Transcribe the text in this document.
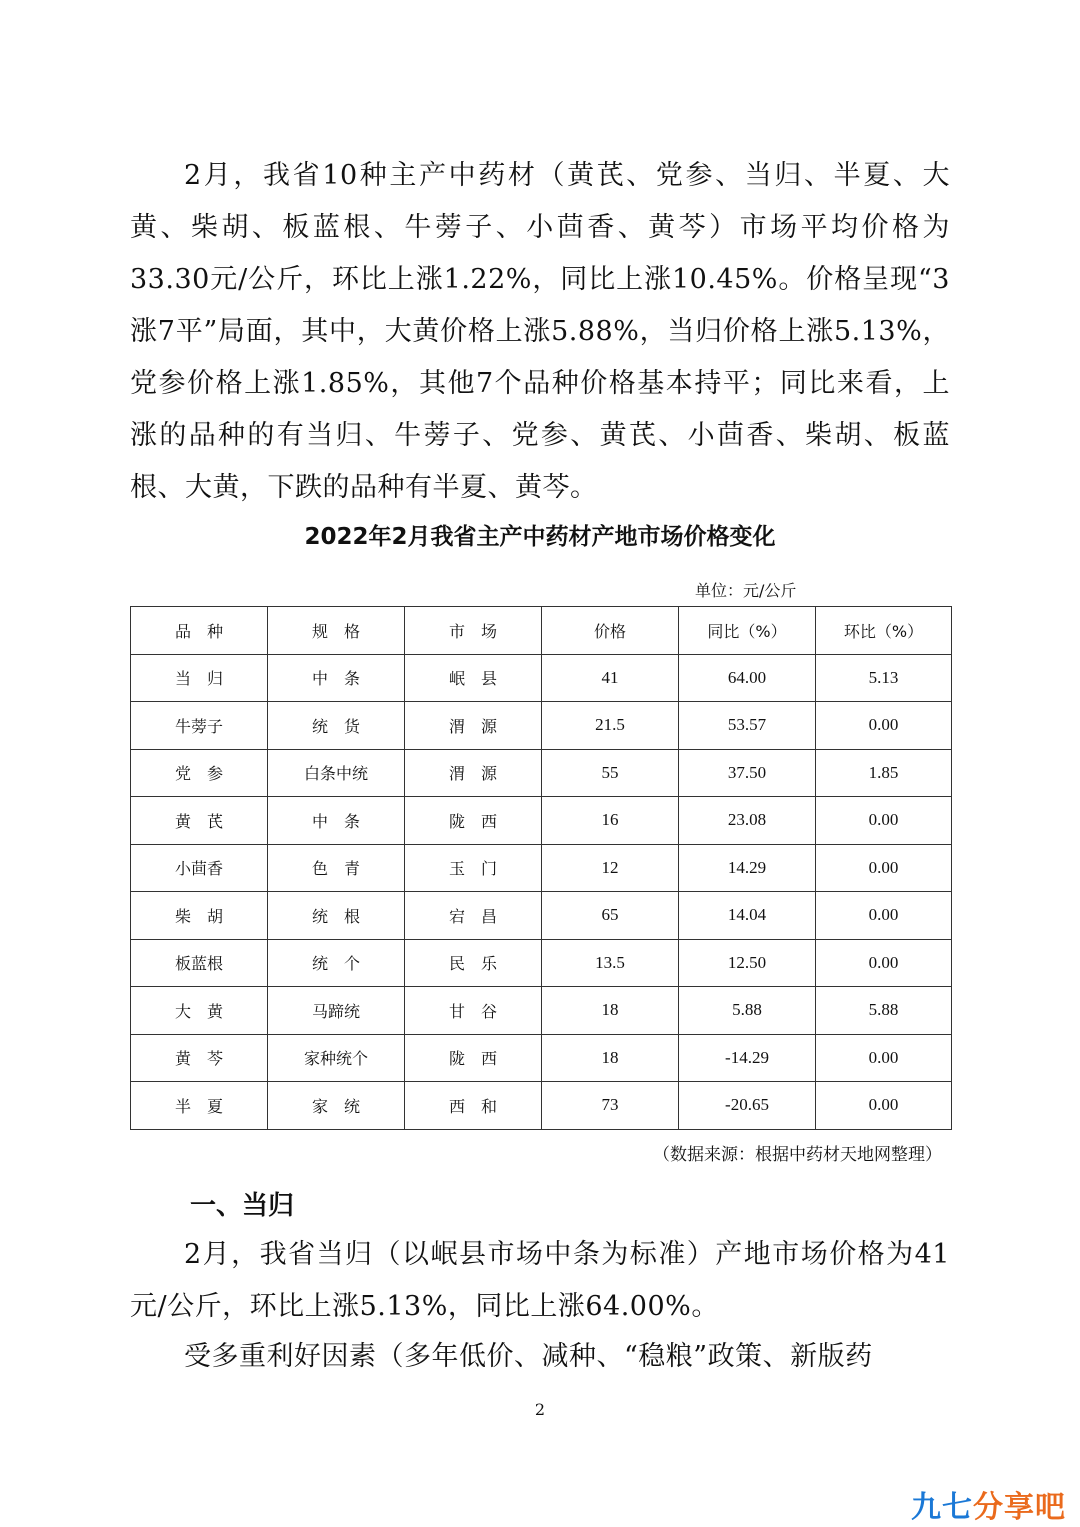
2月，我省10种主产中药材（黄芪、党参、当归、半夏、大黄、柴胡、板蓝根、牛蒡子、小茴香、黄芩）市场平均价格为33.30元/公斤，环比上涨1.22%，同比上涨10.45%。价格呈现“3涨7平”局面，其中，大黄价格上涨5.88%，当归价格上涨5.13%，党参价格上涨1.85%，其他7个品种价格基本持平；同比来看，上涨的品种的有当归、牛蒡子、党参、黄芪、小茴香、柴胡、板蓝根、大黄，下跌的品种有半夏、黄芩。

2022年2月我省主产中药材产地市场价格变化
单位：元/公斤
品　种	规　格	市　场	价格	同比（%）	环比（%）
当　归	中　条	岷　县	41	64.00	5.13
牛蒡子	统　货	渭　源	21.5	53.57	0.00
党　参	白条中统	渭　源	55	37.50	1.85
黄　芪	中　条	陇　西	16	23.08	0.00
小茴香	色　青	玉　门	12	14.29	0.00
柴　胡	统　根	宕　昌	65	14.04	0.00
板蓝根	统　个	民　乐	13.5	12.50	0.00
大　黄	马蹄统	甘　谷	18	5.88	5.88
黄　芩	家种统个	陇　西	18	-14.29	0.00
半　夏	家　统	西　和	73	-20.65	0.00
（数据来源：根据中药材天地网整理）
一、当归

2月，我省当归（以岷县市场中条为标准）产地市场价格为41元/公斤，环比上涨5.13%，同比上涨64.00%。

受多重利好因素（多年低价、减种、“稳粮”政策、新版药

2
九七分享吧
